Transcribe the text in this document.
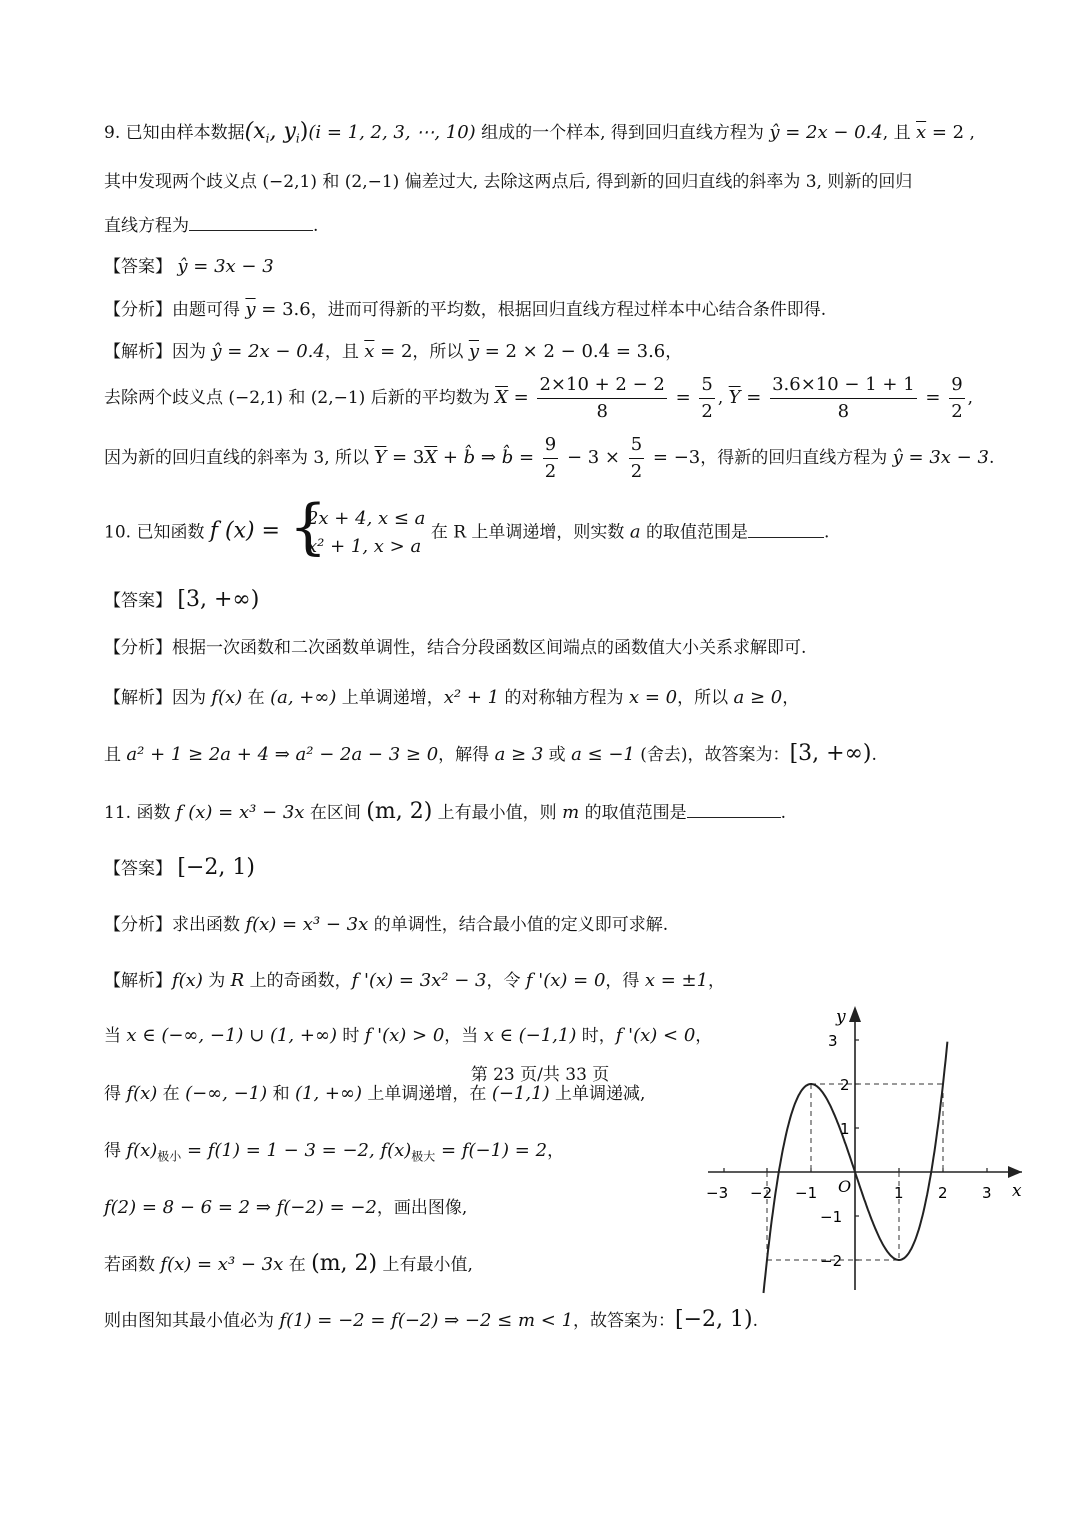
9. 已知由样本数据($x_i$, $y_i)(i = 1$, 2, 3, ⋯, 10) 组成的一个样本, 得到回归直线方程为 ŷ = 2x − 0.4, 且 $\overline{x} = 2$ ,
其中发现两个歧义点 (−2,1) 和 (2,−1) 偏差过大, 去除这两点后, 得到新的回归直线的斜率为 3, 则新的回归
直线方程为	.
【答案】 ŷ = 3x − 3
【分析】由题可得 $\overline{y} = 3.6$，进而可得新的平均数，根据回归直线方程过样本中心结合条件即得.
【解析】因为 ŷ = 2x − 0.4，且 $\overline{x} = 2$，所以 $\overline{y} = 2 \times 2 - 0.4 = 3.6$，
去除两个歧义点 (−2,1) 和 (2,−1) 后新的平均数为 $\overline{X} = \frac{2\times 10 + 2 - 2}{8} = \frac{5}{2}$ , $\overline{Y} = \frac{3.6\times 10 - 1 + 1}{8} = \frac{9}{2}$ ,
因为新的回归直线的斜率为 3, 所以 $\overline{Y} = 3\overline{X}$ + b̂ ⇒ b̂ = $\frac{9}{2} - 3 \times \frac{5}{2} = -3$，得新的回归直线方程为 ŷ = 3x − 3.
10. 已知函数 f (x) = {
2x + 4, x ≤ a
x² + 1, x > a
在 R 上单调递增，则实数 a 的取值范围是	.
【答案】 [3, +∞)
【分析】根据一次函数和二次函数单调性，结合分段函数区间端点的函数值大小关系求解即可.
【解析】因为 f(x) 在 (a, +∞) 上单调递增，x² + 1 的对称轴方程为 x = 0，所以 a ≥ 0，
且 a² + 1 ≥ 2a + 4 ⇒ a² − 2a − 3 ≥ 0，解得 a ≥ 3 或 a ≤ −1 (舍去)，故答案为：[3, +∞).
11. 函数 f (x) = x³ − 3x 在区间 (m, 2) 上有最小值，则 m 的取值范围是	.
【答案】 [−2, 1)
【分析】求出函数 f(x) = x³ − 3x 的单调性，结合最小值的定义即可求解.
【解析】f(x) 为 R 上的奇函数，f '(x) = 3x² − 3，令 f '(x) = 0，得 x = ±1，
当 x ∈ (−∞, −1) ∪ (1, +∞) 时 f '(x) > 0，当 x ∈ (−1,1) 时，f '(x) < 0，
得 f(x) 在 (−∞, −1) 和 (1, +∞) 上单调递增，在 (−1,1) 上单调递减,
得 $f(x)_{极小} = f(1) = 1 - 3 = -2$, $f(x)_{极大} = f(-1) = 2$，
f(2) = 8 − 6 = 2 ⇒ f(−2) = −2，画出图像,
若函数 f(x) = x³ − 3x 在 (m, 2) 上有最小值,
则由图知其最小值必为 f(1) = −2 = f(−2) ⇒ −2 ≤ m < 1，故答案为：[−2, 1).
y
x
O
−3 −2 −1	1 2 3
3
2
1
−1
−2
第 23 页/共 33 页
